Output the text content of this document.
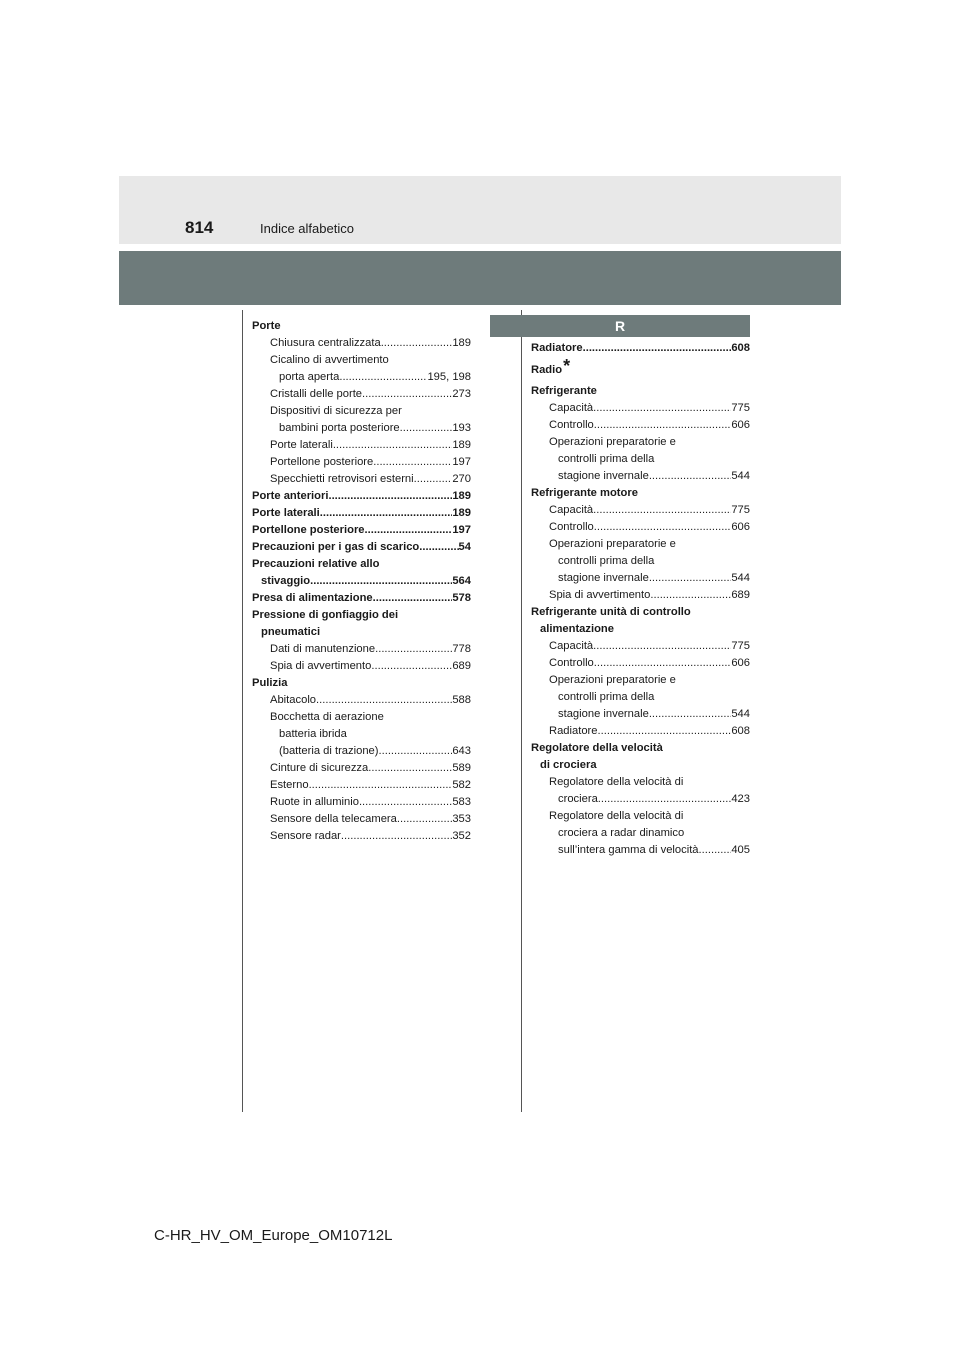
814	Indice alfabetico
R
Porte
Chiusura centralizzata .....	189
Cicalino di avvertimento
porta aperta .....	195, 198
Cristalli delle porte .....	273
Dispositivi di sicurezza per
bambini porta posteriore .....	193
Porte laterali .....	189
Portellone posteriore .....	197
Specchietti retrovisori esterni .....	270
Porte anteriori .....	189
Porte laterali .....	189
Portellone posteriore .....	197
Precauzioni per i gas di scarico .....	54
Precauzioni relative allo
stivaggio .....	564
Presa di alimentazione .....	578
Pressione di gonfiaggio dei
pneumatici
Dati di manutenzione .....	778
Spia di avvertimento .....	689
Pulizia
Abitacolo .....	588
Bocchetta di aerazione
batteria ibrida
(batteria di trazione) .....	643
Cinture di sicurezza .....	589
Esterno .....	582
Ruote in alluminio .....	583
Sensore della telecamera .....	353
Sensore radar .....	352
Radiatore .....	608
Radio *
Refrigerante
Capacità .....	775
Controllo .....	606
Operazioni preparatorie e
controlli prima della
stagione invernale .....	544
Refrigerante motore
Capacità .....	775
Controllo .....	606
Operazioni preparatorie e
controlli prima della
stagione invernale .....	544
Spia di avvertimento .....	689
Refrigerante unità di controllo
alimentazione
Capacità .....	775
Controllo .....	606
Operazioni preparatorie e
controlli prima della
stagione invernale .....	544
Radiatore .....	608
Regolatore della velocità
di crociera
Regolatore della velocità di
crociera .....	423
Regolatore della velocità di
crociera a radar dinamico
sull’intera gamma di velocità .....	405
C-HR_HV_OM_Europe_OM10712L
